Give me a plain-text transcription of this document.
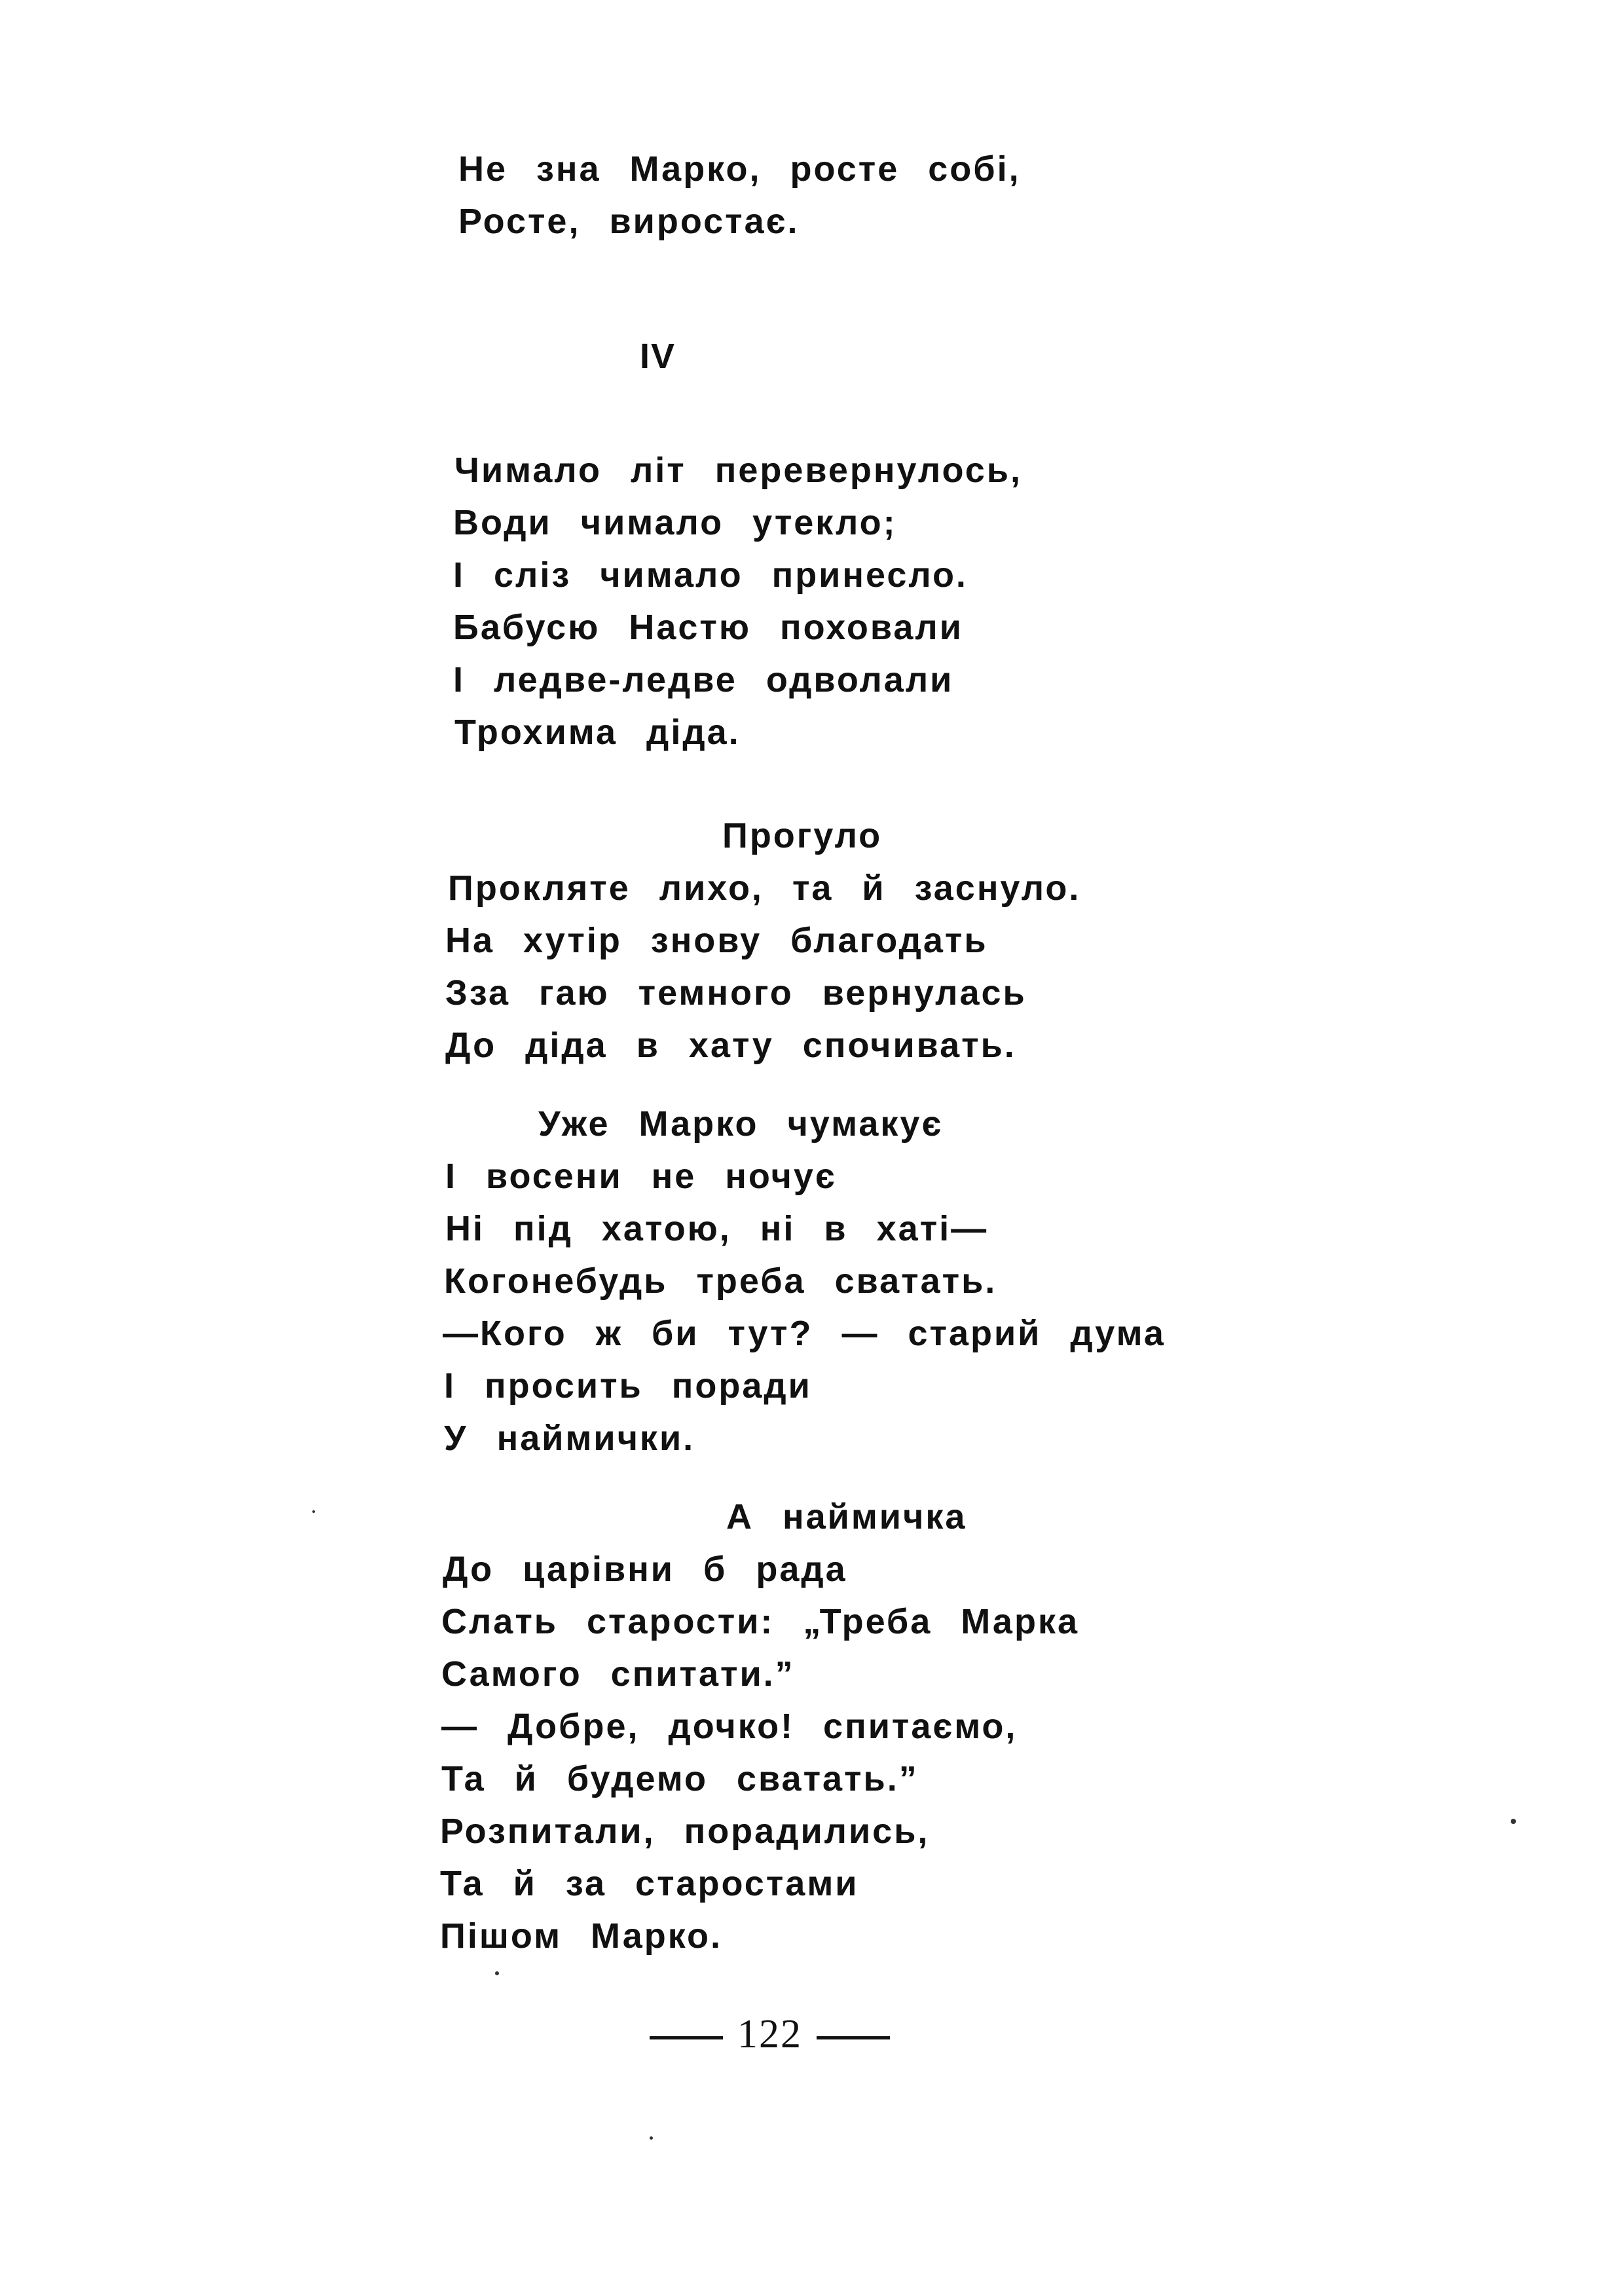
Не зна Марко, росте собі,
Росте, виростає.
IV
Чимало літ перевернулось,
Води чимало утекло;
І сліз чимало принесло.
Бабусю Настю поховали
І ледве-ледве одволали
Трохима діда.
Прогуло
Прокляте лихо, та й заснуло.
На хутір знову благодать
Зза гаю темного вернулась
До діда в хату спочивать.
Уже Марко чумакує
І восени не ночує
Ні під хатою, ні в хаті—
Когонебудь треба сватать.
—Кого ж би тут? — старий дума
І просить поради
У наймички.
А наймичка
До царівни б рада
Слать старости: „Треба Марка
Самого спитати.”
— Добре, дочко! спитаємо,
Та й будемо сватать.”
Розпитали, порадились,
Та й за старостами
Пішом Марко.
122
